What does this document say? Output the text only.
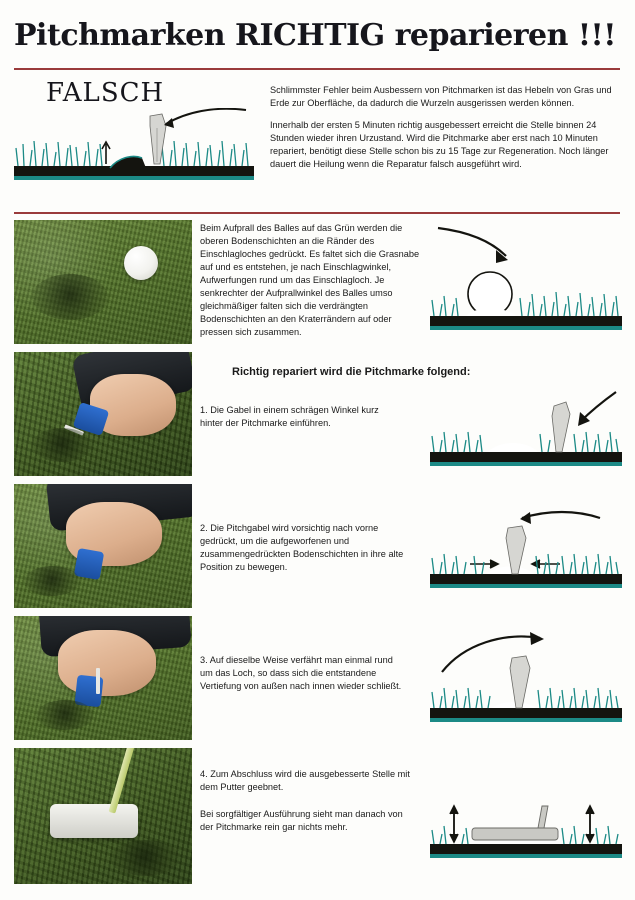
Pitchmarken RICHTIG reparieren !!!
FALSCH	Schlimmster Fehler beim Ausbessern von Pitchmarken ist das Hebeln von Gras und Erde zur Oberfläche, da dadurch die Wurzeln ausgerissen werden können.

Innerhalb der ersten 5 Minuten richtig ausgebessert erreicht die Stelle binnen 24 Stunden wieder ihren Urzustand. Wird die Pitchmarke aber erst nach 10 Minuten repariert, benötigt diese Stelle schon bis zu 15 Tage zur Regeneration. Noch länger dauert die Heilung wenn die Reparatur falsch ausgeführt wird.

Beim Aufprall des Balles auf das Grün werden die oberen Bodenschichten an die Ränder des Einschlagloches gedrückt. Es faltet sich die Grasnabe auf und es entstehen, je nach Einschlagwinkel, Aufwerfungen rund um das Einschlagloch. Je senkrechter der Aufprallwinkel des Balles umso gleichmäßiger falten sich die verdrängten Bodenschichten an den Kraterrändern auf oder pressen sich zusammen.

Richtig repariert wird die Pitchmarke folgend:
1. Die Gabel in einem schrägen Winkel kurz hinter der Pitchmarke einführen.
2. Die Pitchgabel wird vorsichtig nach vorne gedrückt, um die aufgeworfenen und zusammengedrückten Bodenschichten in ihre alte Position zu bewegen.
3. Auf dieselbe Weise verfährt man einmal rund um das Loch, so dass sich die entstandene Vertiefung von außen nach innen wieder schließt.
4. Zum Abschluss wird die ausgebesserte Stelle mit dem Putter geebnet.
Bei sorgfältiger Ausführung sieht man danach von der Pitchmarke rein gar nichts mehr.
